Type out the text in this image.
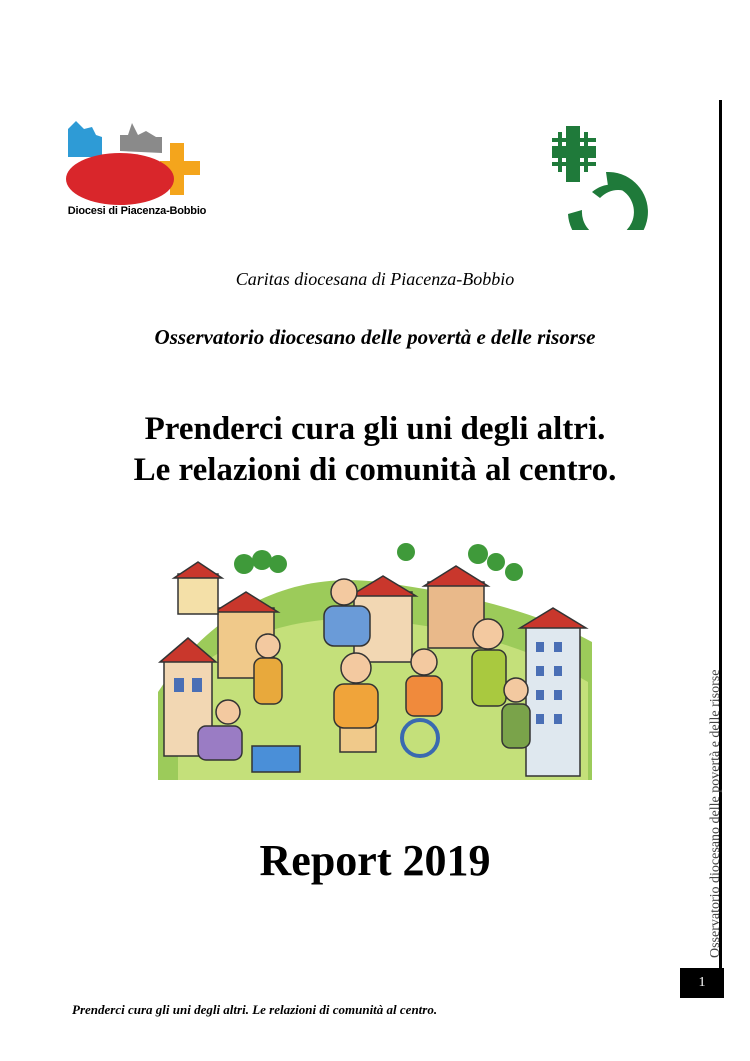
Diocesi di Piacenza-Bobbio
Caritas diocesana di Piacenza-Bobbio
Osservatorio diocesano delle povertà e delle risorse
Prenderci cura gli uni degli altri.
Le relazioni di comunità al centro.
Report 2019	Osservatorio diocesano delle povertà e delle risorse
1
Prenderci cura gli uni degli altri. Le relazioni di comunità al centro.
